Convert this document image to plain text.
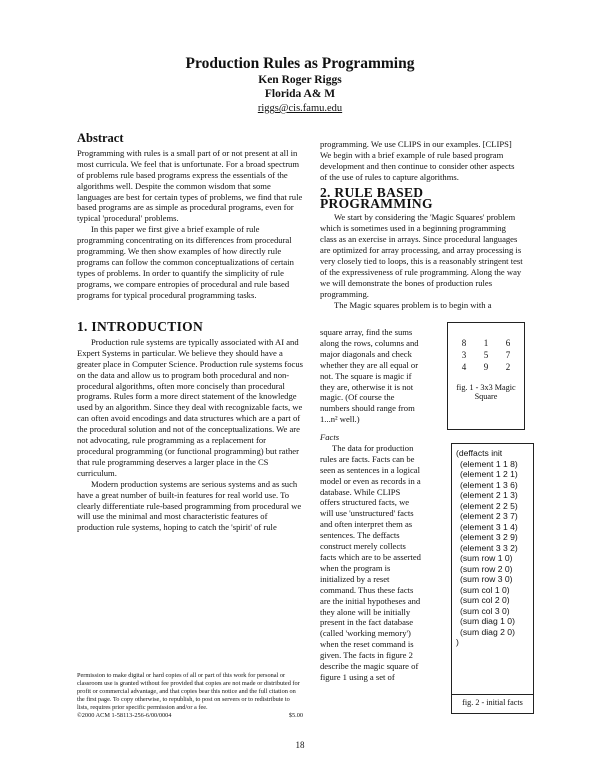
Production Rules as Programming
Ken Roger Riggs
Florida A& M
riggs@cis.famu.edu
Abstract

Programming with rules is a small part of or not present at all in most curricula. We feel that is unfortunate. For a broad spectrum of problems rule based programs express the essentials of the algorithms well. Despite the common wisdom that some languages are best for certain types of problems, we find that rule based programs are as simple as procedural programs, even for typical 'procedural' problems.

In this paper we first give a brief example of rule programming concentrating on its differences from procedural programming. We then show examples of how directly rule programs can follow the common conceptualizations of certain types of problems. In order to quantify the simplicity of rule programs, we compare entropies of procedural and rule based programs for typical procedural programming tasks.

1. INTRODUCTION

Production rule systems are typically associated with AI and Expert Systems in particular. We believe they should have a greater place in Computer Science. Production rule systems focus on the data and allow us to program both procedural and non-procedural algorithms, often more concisely than procedural programs. Rules form a more direct statement of the knowledge used by an algorithm. Since they deal with recognizable facts, we can often avoid encodings and data structures which are a part of the procedural solution and not of the conceptualizations. We are not advocating, rule programming as a replacement for procedural programming (or functional programming) but rather that rule programming deserves a larger place in the CS curriculum.

Modern production systems are serious systems and as such have a great number of built-in features for real world use. To clearly differentiate rule-based programming from procedural we will use the minimal and most characteristic features of production rule systems, hoping to catch the 'spirit' of rule

Permission to make digital or hard copies of all or part of this work for personal or classroom use is granted without fee provided that copies are not made or distributed for profit or commercial advantage, and that copies bear this notice and the full citation on the first page. To copy otherwise, to republish, to post on servers or to redistribute to lists, requires prior specific permission and/or a fee.
©2000 ACM 1-58113-256-6/00/0004	$5.00

programming. We use CLIPS in our examples. [CLIPS] We begin with a brief example of rule based program development and then continue to consider other aspects of the use of rules to capture algorithms.

2. RULE BASED PROGRAMMING

We start by considering the 'Magic Squares' problem which is sometimes used in a beginning programming class as an exercise in arrays. Since procedural languages are optimized for array processing, and array processing is very closely tied to loops, this is a reasonably stringent test of the expressiveness of rule programming. Along the way we will demonstrate the bones of production rules programming.

The Magic squares problem is to begin with a

square array, find the sums
along the rows, columns and
major diagonals and check
whether they are all equal or
not. The square is magic if
they are, otherwise it is not
magic. (Of course the
numbers should range from
1...n² well.)
8 1 6
3 5 7
4 9 2
fig. 1 - 3x3 Magic Square
Facts
The data for production
rules are facts. Facts can be
seen as sentences in a logical
model or even as records in a
database. While CLIPS
offers structured facts, we
will use 'unstructured' facts
and often interpret them as
sentences. The deffacts
construct merely collects
facts which are to be asserted
when the program is
initialized by a reset
command. Thus these facts
are the initial hypotheses and
they alone will be initially
present in the fact database
(called 'working memory')
when the reset command is
given. The facts in figure 2
describe the magic square of
figure 1 using a set of
(deffacts init
(element 1 1 8)
(element 1 2 1)
(element 1 3 6)
(element 2 1 3)
(element 2 2 5)
(element 2 3 7)
(element 3 1 4)
(element 3 2 9)
(element 3 3 2)
(sum row 1 0)
(sum row 2 0)
(sum row 3 0)
(sum col 1 0)
(sum col 2 0)
(sum col 3 0)
(sum diag 1 0)
(sum diag 2 0)
)
fig. 2 - initial facts
18
